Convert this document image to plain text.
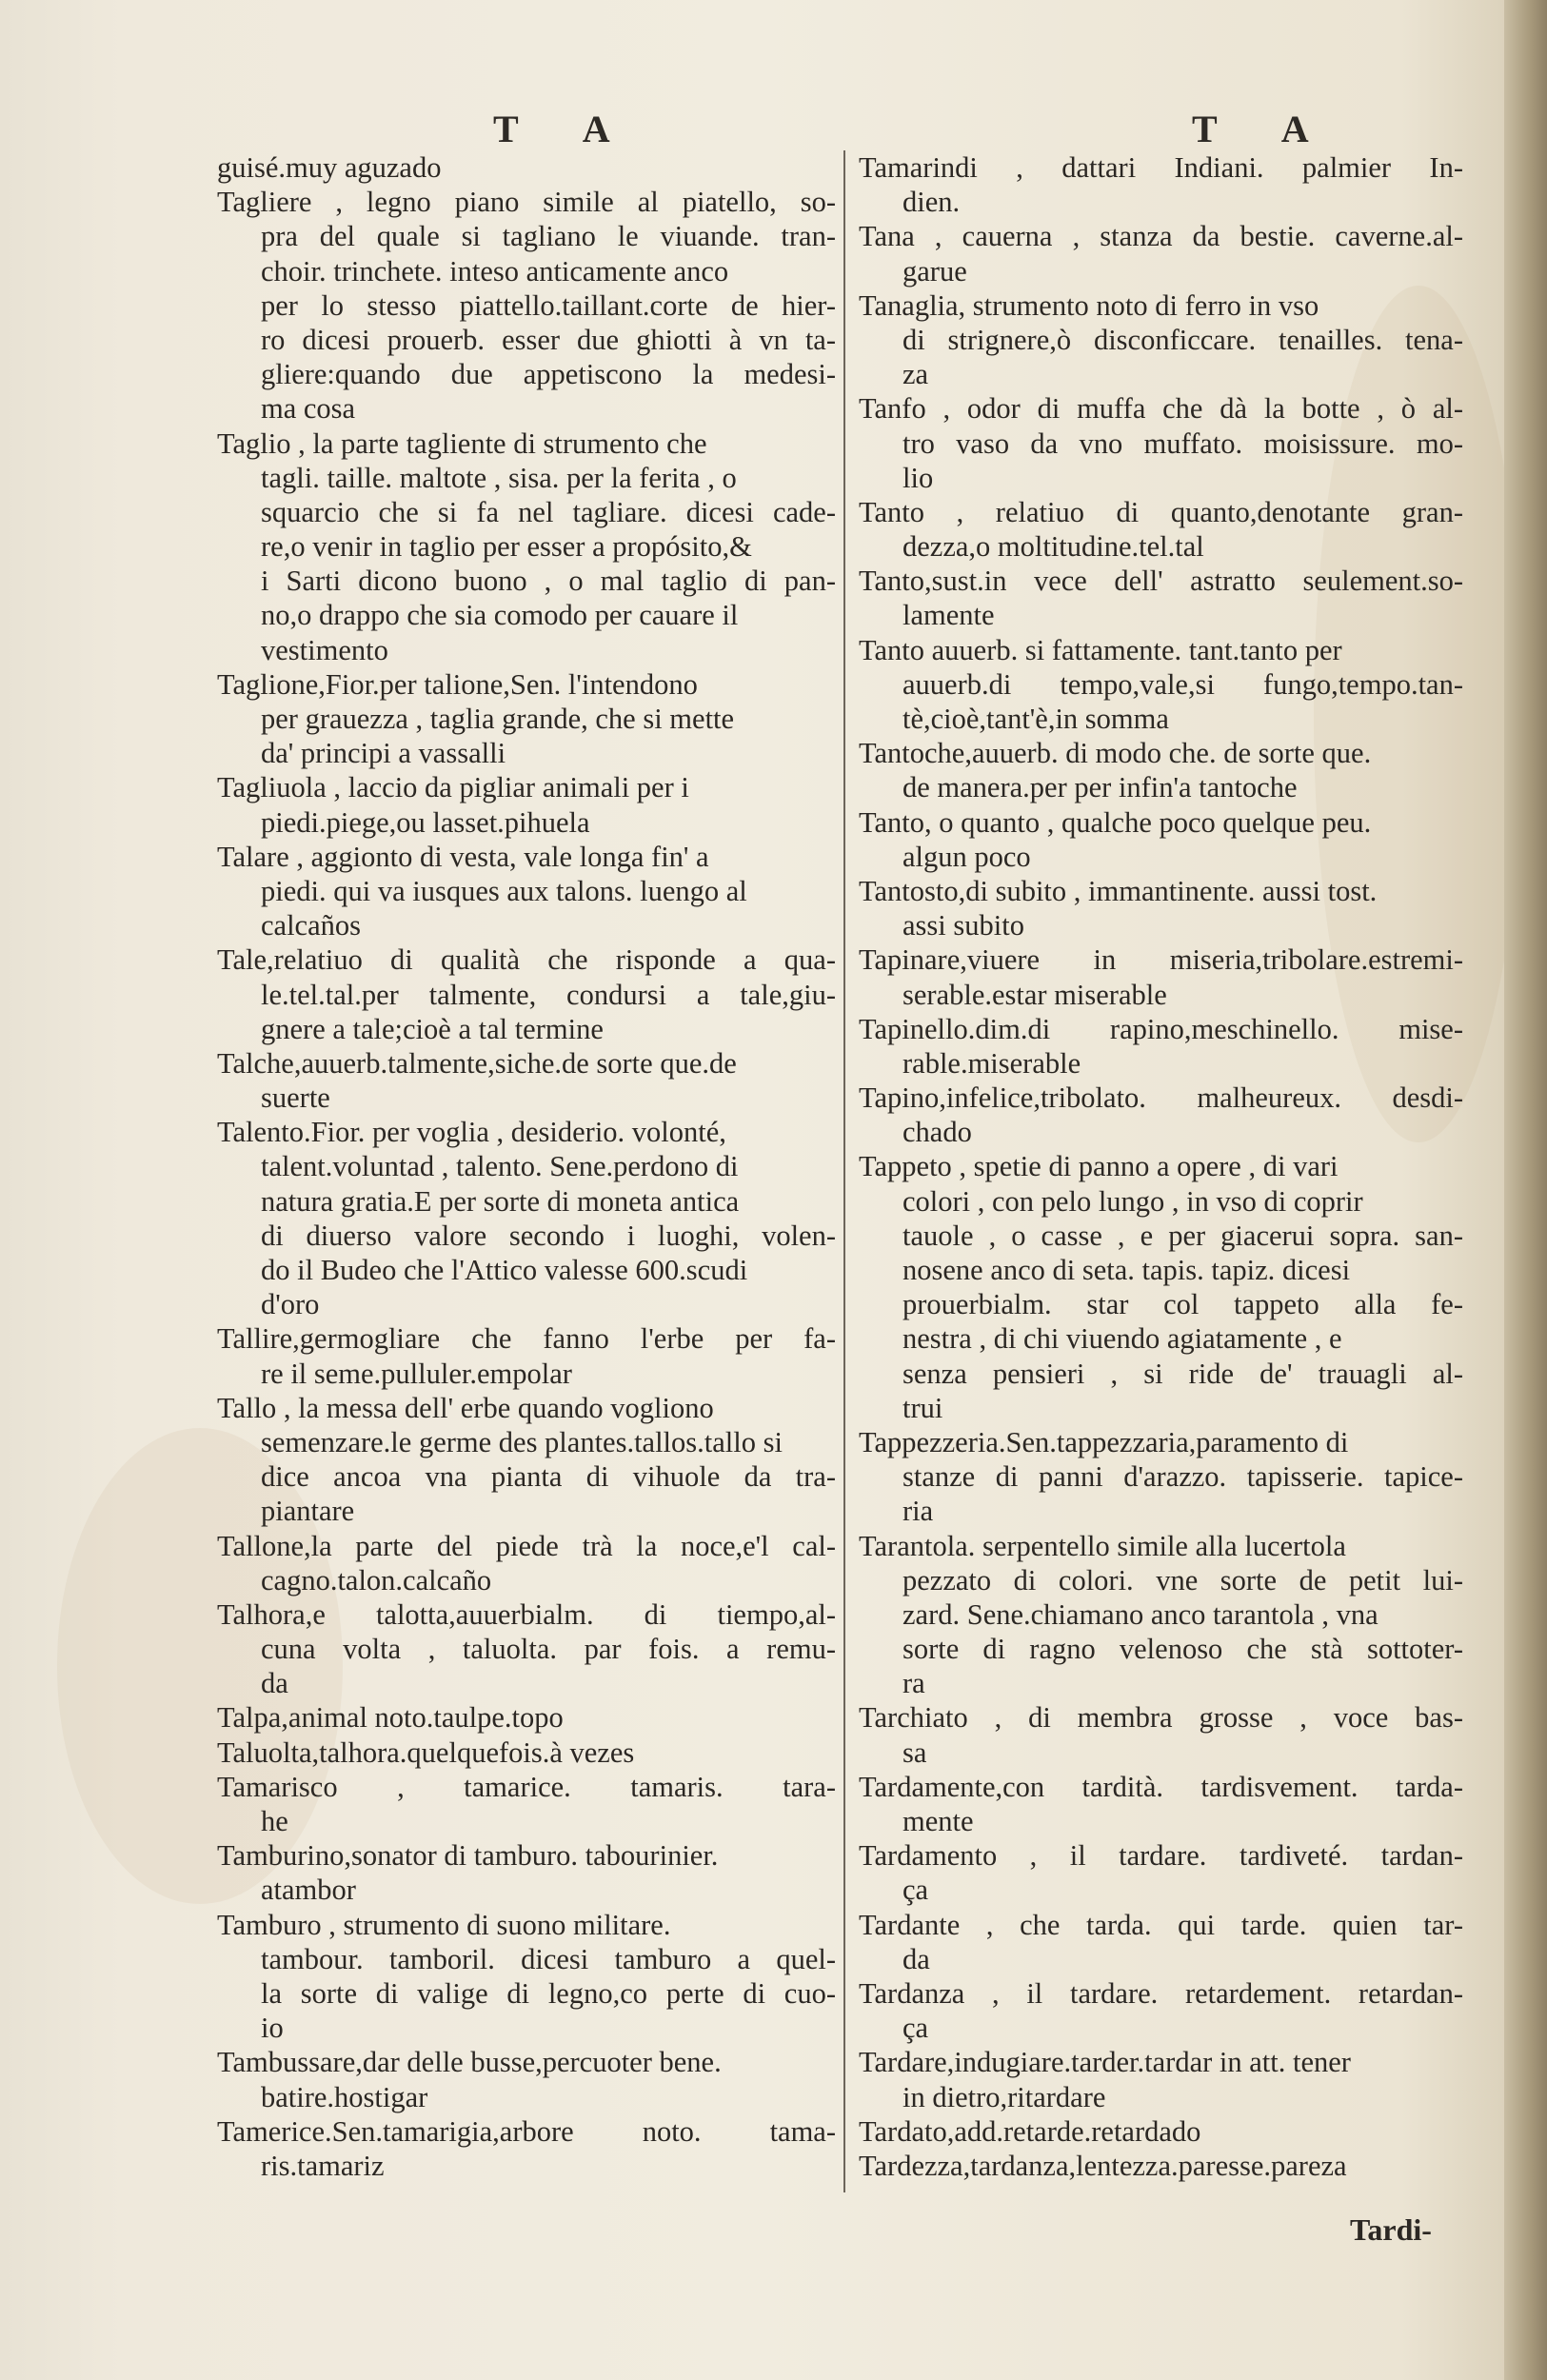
T A	T A
guisé.muy aguzado
Tagliere , legno piano simile al piatello, so-
pra del quale si tagliano le viuande. tran-
choir. trinchete. inteso anticamente anco
per lo stesso piattello.taillant.corte de hier-
ro dicesi prouerb. esser due ghiotti à vn ta-
gliere:quando due appetiscono la medesi-
ma cosa
Taglio , la parte tagliente di strumento che
tagli. taille. maltote , sisa. per la ferita , o
squarcio che si fa nel tagliare. dicesi cade-
re,o venir in taglio per esser a propósito,&
i Sarti dicono buono , o mal taglio di pan-
no,o drappo che sia comodo per cauare il
vestimento
Taglione,Fior.per talione,Sen. l'intendono
per grauezza , taglia grande, che si mette
da' principi a vassalli
Tagliuola , laccio da pigliar animali per i
piedi.piege,ou lasset.pihuela
Talare , aggionto di vesta, vale longa fin' a
piedi. qui va iusques aux talons. luengo al
calcaños
Tale,relatiuo di qualità che risponde a qua-
le.tel.tal.per talmente, condursi a tale,giu-
gnere a tale;cioè a tal termine
Talche,auuerb.talmente,siche.de sorte que.de
suerte
Talento.Fior. per voglia , desiderio. volonté,
talent.voluntad , talento. Sene.perdono di
natura gratia.E per sorte di moneta antica
di diuerso valore secondo i luoghi, volen-
do il Budeo che l'Attico valesse 600.scudi
d'oro
Tallire,germogliare che fanno l'erbe per fa-
re il seme.pulluler.empolar
Tallo , la messa dell' erbe quando vogliono
semenzare.le germe des plantes.tallos.tallo si
dice ancoa vna pianta di vihuole da tra-
piantare
Tallone,la parte del piede trà la noce,e'l cal-
cagno.talon.calcaño
Talhora,e talotta,auuerbialm. di tiempo,al-
cuna volta , taluolta. par fois. a remu-
da
Talpa,animal noto.taulpe.topo
Taluolta,talhora.quelquefois.à vezes
Tamarisco , tamarice. tamaris. tara-
he
Tamburino,sonator di tamburo. tabourinier.
atambor
Tamburo , strumento di suono militare.
tambour. tamboril. dicesi tamburo a quel-
la sorte di valige di legno,co perte di cuo-
io
Tambussare,dar delle busse,percuoter bene.
batire.hostigar
Tamerice.Sen.tamarigia,arbore noto. tama-
ris.tamariz
Tamarindi , dattari Indiani. palmier In-
dien.
Tana , cauerna , stanza da bestie. caverne.al-
garue
Tanaglia, strumento noto di ferro in vso
di strignere,ò disconficcare. tenailles. tena-
za
Tanfo , odor di muffa che dà la botte , ò al-
tro vaso da vno muffato. moisissure. mo-
lio
Tanto , relatiuo di quanto,denotante gran-
dezza,o moltitudine.tel.tal
Tanto,sust.in vece dell' astratto seulement.so-
lamente
Tanto auuerb. si fattamente. tant.tanto per
auuerb.di tempo,vale,si fungo,tempo.tan-
tè,cioè,tant'è,in somma
Tantoche,auuerb. di modo che. de sorte que.
de manera.per per infin'a tantoche
Tanto, o quanto , qualche poco quelque peu.
algun poco
Tantosto,di subito , immantinente. aussi tost.
assi subito
Tapinare,viuere in miseria,tribolare.estremi-
serable.estar miserable
Tapinello.dim.di rapino,meschinello. mise-
rable.miserable
Tapino,infelice,tribolato. malheureux. desdi-
chado
Tappeto , spetie di panno a opere , di vari
colori , con pelo lungo , in vso di coprir
tauole , o casse , e per giacerui sopra. san-
nosene anco di seta. tapis. tapiz. dicesi
prouerbialm. star col tappeto alla fe-
nestra , di chi viuendo agiatamente , e
senza pensieri , si ride de' trauagli al-
trui
Tappezzeria.Sen.tappezzaria,paramento di
stanze di panni d'arazzo. tapisserie. tapice-
ria
Tarantola. serpentello simile alla lucertola
pezzato di colori. vne sorte de petit lui-
zard. Sene.chiamano anco tarantola , vna
sorte di ragno velenoso che stà sottoter-
ra
Tarchiato , di membra grosse , voce bas-
sa
Tardamente,con tardità. tardisvement. tarda-
mente
Tardamento , il tardare. tardiveté. tardan-
ça
Tardante , che tarda. qui tarde. quien tar-
da
Tardanza , il tardare. retardement. retardan-
ça
Tardare,indugiare.tarder.tardar in att. tener
in dietro,ritardare
Tardato,add.retarde.retardado
Tardezza,tardanza,lentezza.paresse.pareza
Tardi-
